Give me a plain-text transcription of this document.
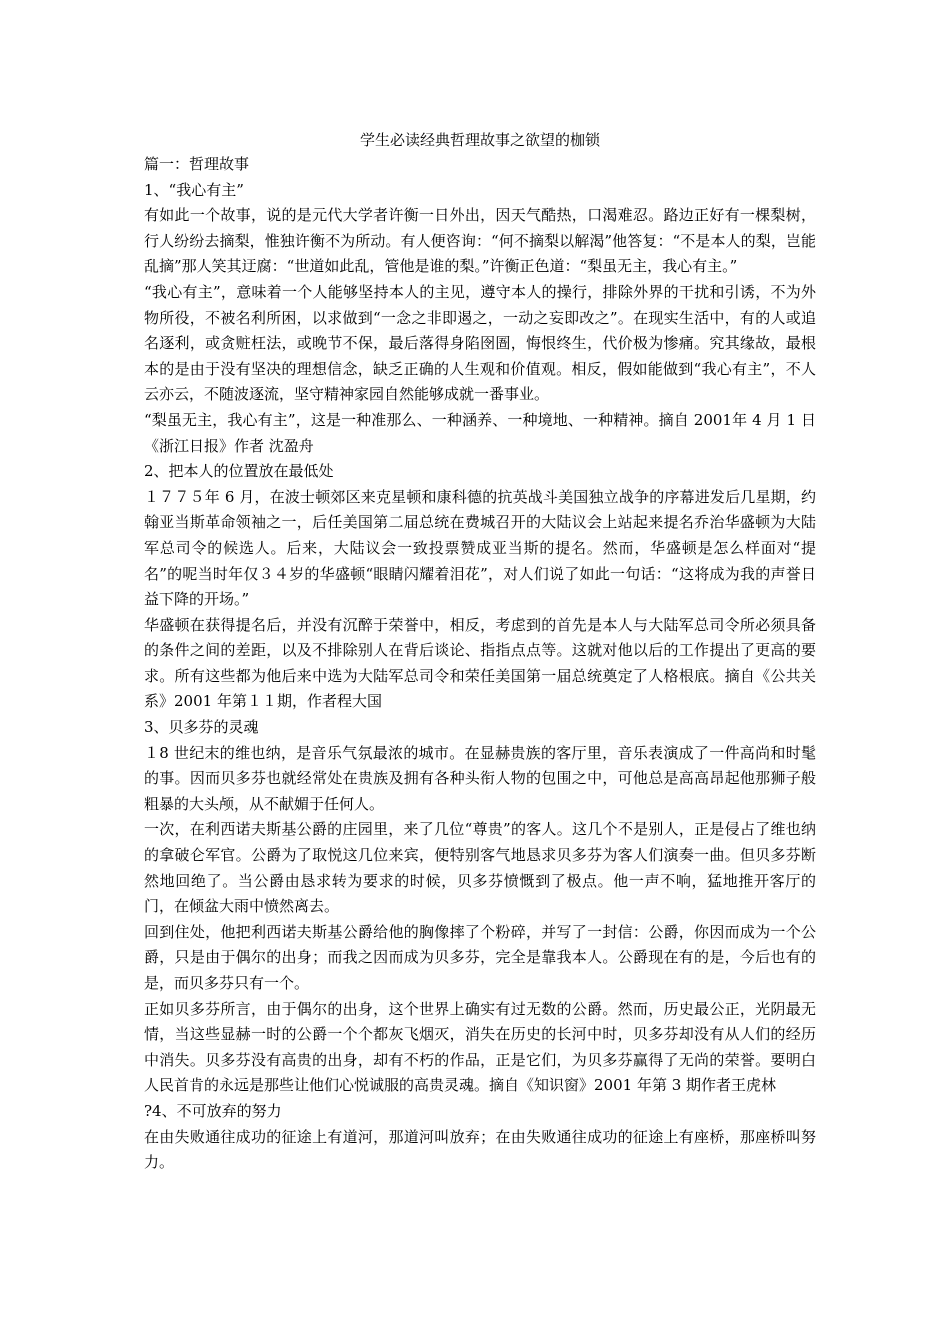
学生必读经典哲理故事之欲望的枷锁

篇一：哲理故事

1、“我心有主”

有如此一个故事，说的是元代大学者许衡一日外出，因天气酷热，口渴难忍。路边正好有一棵梨树，行人纷纷去摘梨，惟独许衡不为所动。有人便咨询：“何不摘梨以解渴”他答复：“不是本人的梨，岂能乱摘”那人笑其迂腐：“世道如此乱，管他是谁的梨。”许衡正色道：“梨虽无主，我心有主。”

“我心有主”，意味着一个人能够坚持本人的主见，遵守本人的操行，排除外界的干扰和引诱，不为外物所役，不被名利所困，以求做到“一念之非即遏之，一动之妄即改之”。在现实生活中，有的人或追名逐利，或贪赃枉法，或晚节不保，最后落得身陷囹圄，悔恨终生，代价极为惨痛。究其缘故，最根本的是由于没有坚决的理想信念，缺乏正确的人生观和价值观。相反，假如能做到“我心有主”，不人云亦云，不随波逐流，坚守精神家园自然能够成就一番事业。

“梨虽无主，我心有主”，这是一种准那么、一种涵养、一种境地、一种精神。摘自 2001年 4 月 1 日《浙江日报》作者 沈盈舟

2、把本人的位置放在最低处

１７７５年 6 月，在波士顿郊区来克星顿和康科德的抗英战斗美国独立战争的序幕进发后几星期，约翰亚当斯革命领袖之一，后任美国第二届总统在费城召开的大陆议会上站起来提名乔治华盛顿为大陆军总司令的候选人。后来，大陆议会一致投票赞成亚当斯的提名。然而，华盛顿是怎么样面对“提名”的呢当时年仅３４岁的华盛顿“眼睛闪耀着泪花”，对人们说了如此一句话：“这将成为我的声誉日益下降的开场。”

华盛顿在获得提名后，并没有沉醉于荣誉中，相反，考虑到的首先是本人与大陆军总司令所必须具备的条件之间的差距，以及不排除别人在背后谈论、指指点点等。这就对他以后的工作提出了更高的要求。所有这些都为他后来中选为大陆军总司令和荣任美国第一届总统奠定了人格根底。摘自《公共关系》2001 年第１１期，作者程大国

3、贝多芬的灵魂

１8 世纪末的维也纳，是音乐气氛最浓的城市。在显赫贵族的客厅里，音乐表演成了一件高尚和时髦的事。因而贝多芬也就经常处在贵族及拥有各种头衔人物的包围之中，可他总是高高昂起他那狮子般粗暴的大头颅，从不献媚于任何人。

一次，在利西诺夫斯基公爵的庄园里，来了几位“尊贵”的客人。这几个不是别人，正是侵占了维也纳的拿破仑军官。公爵为了取悦这几位来宾，便特别客气地恳求贝多芬为客人们演奏一曲。但贝多芬断然地回绝了。当公爵由恳求转为要求的时候，贝多芬愤慨到了极点。他一声不响，猛地推开客厅的门，在倾盆大雨中愤然离去。

回到住处，他把利西诺夫斯基公爵给他的胸像摔了个粉碎，并写了一封信：公爵，你因而成为一个公爵，只是由于偶尔的出身；而我之因而成为贝多芬，完全是靠我本人。公爵现在有的是，今后也有的是，而贝多芬只有一个。

正如贝多芬所言，由于偶尔的出身，这个世界上确实有过无数的公爵。然而，历史最公正，光阴最无情，当这些显赫一时的公爵一个个都灰飞烟灭，消失在历史的长河中时，贝多芬却没有从人们的经历中消失。贝多芬没有高贵的出身，却有不朽的作品，正是它们，为贝多芬赢得了无尚的荣誉。要明白人民首肯的永远是那些让他们心悦诚服的高贵灵魂。摘自《知识窗》2001 年第 3 期作者王虎林

?4、不可放弃的努力

在由失败通往成功的征途上有道河，那道河叫放弃；在由失败通往成功的征途上有座桥，那座桥叫努力。
